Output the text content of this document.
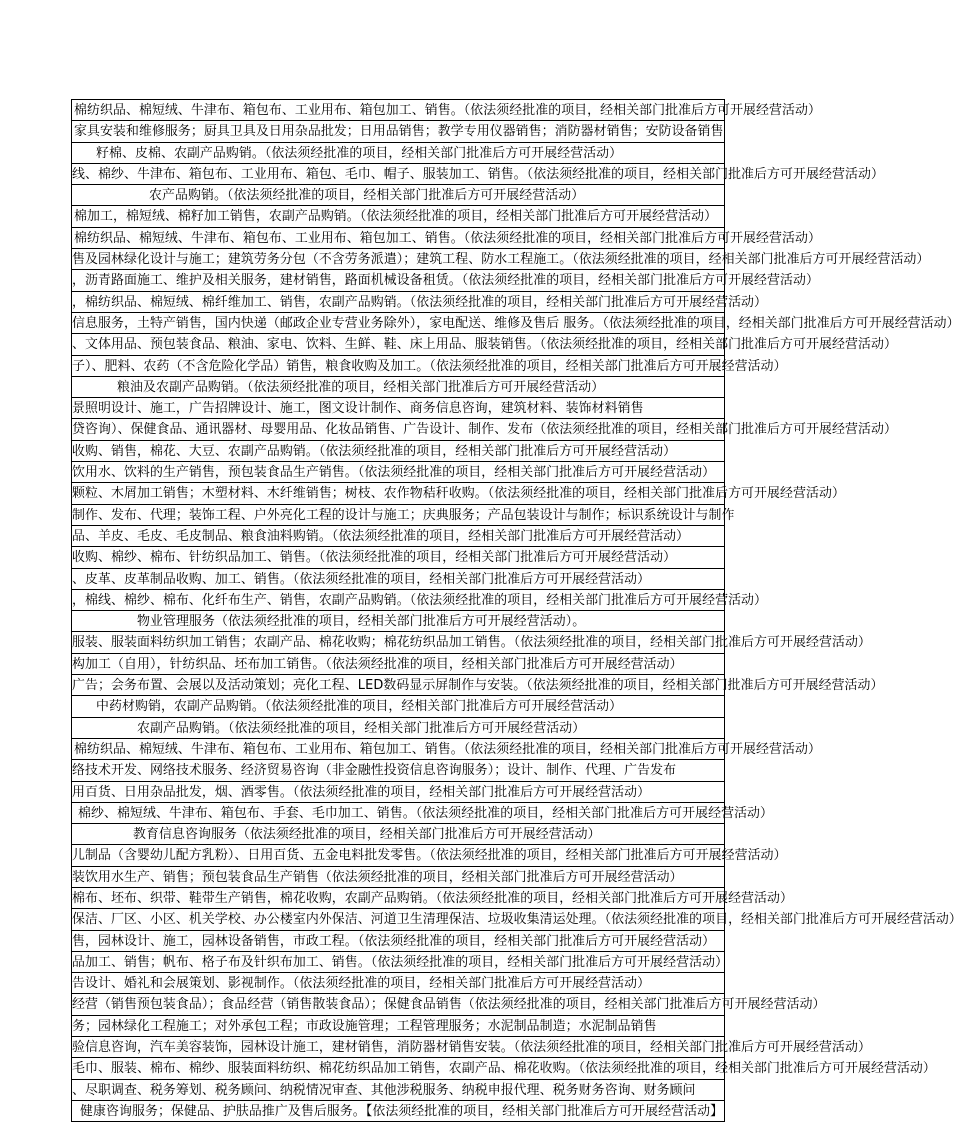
棉纺织品、棉短绒、牛津布、箱包布、工业用布、箱包加工、销售。（依法须经批准的项目，经相关部门批准后方可开展经营活动）
家具安装和维修服务；厨具卫具及日用杂品批发；日用品销售；教学专用仪器销售；消防器材销售；安防设备销售
籽棉、皮棉、农副产品购销。（依法须经批准的项目，经相关部门批准后方可开展经营活动）
线、棉纱、牛津布、箱包布、工业用布、箱包、毛巾、帽子、服装加工、销售。（依法须经批准的项目，经相关部门批准后方可开展经营活动）
农产品购销。（依法须经批准的项目，经相关部门批准后方可开展经营活动）
棉加工，棉短绒、棉籽加工销售，农副产品购销。（依法须经批准的项目，经相关部门批准后方可开展经营活动）
棉纺织品、棉短绒、牛津布、箱包布、工业用布、箱包加工、销售。（依法须经批准的项目，经相关部门批准后方可开展经营活动）
售及园林绿化设计与施工；建筑劳务分包（不含劳务派遣）；建筑工程、防水工程施工。（依法须经批准的项目，经相关部门批准后方可开展经营活动）
，沥青路面施工、维护及相关服务，建材销售，路面机械设备租赁。（依法须经批准的项目，经相关部门批准后方可开展经营活动）
，棉纺织品、棉短绒、棉纤维加工、销售，农副产品购销。（依法须经批准的项目，经相关部门批准后方可开展经营活动）
信息服务，土特产销售，国内快递（邮政企业专营业务除外），家电配送、维修及售后 服务。（依法须经批准的项目，经相关部门批准后方可开展经营活动）
、文体用品、预包装食品、粮油、家电、饮料、生鲜、鞋、床上用品、服装销售。（依法须经批准的项目，经相关部门批准后方可开展经营活动）
子）、肥料、农药（不含危险化学品）销售，粮食收购及加工。（依法须经批准的项目，经相关部门批准后方可开展经营活动）
粮油及农副产品购销。（依法须经批准的项目，经相关部门批准后方可开展经营活动）
景照明设计、施工，广告招牌设计、施工，图文设计制作、商务信息咨询，建筑材料、装饰材料销售
贷咨询）、保健食品、通讯器材、母婴用品、化妆品销售、广告设计、制作、发布（依法须经批准的项目，经相关部门批准后方可开展经营活动）
收购、销售，棉花、大豆、农副产品购销。（依法须经批准的项目，经相关部门批准后方可开展经营活动）
饮用水、饮料的生产销售，预包装食品生产销售。（依法须经批准的项目，经相关部门批准后方可开展经营活动）
颗粒、木屑加工销售；木塑材料、木纤维销售；树枝、农作物秸秆收购。（依法须经批准的项目，经相关部门批准后方可开展经营活动）
制作、发布、代理；装饰工程、户外亮化工程的设计与施工；庆典服务；产品包装设计与制作；标识系统设计与制作
品、羊皮、毛皮、毛皮制品、粮食油料购销。（依法须经批准的项目，经相关部门批准后方可开展经营活动）
收购、棉纱、棉布、针纺织品加工、销售。（依法须经批准的项目，经相关部门批准后方可开展经营活动）
、皮革、皮革制品收购、加工、销售。（依法须经批准的项目，经相关部门批准后方可开展经营活动）
，棉线、棉纱、棉布、化纤布生产、销售，农副产品购销。（依法须经批准的项目，经相关部门批准后方可开展经营活动）
物业管理服务（依法须经批准的项目，经相关部门批准后方可开展经营活动）。
服装、服装面料纺织加工销售；农副产品、棉花收购；棉花纺织品加工销售。（依法须经批准的项目，经相关部门批准后方可开展经营活动）
构加工（自用），针纺织品、坯布加工销售。（依法须经批准的项目，经相关部门批准后方可开展经营活动）
广告；会务布置、会展以及活动策划；亮化工程、LED数码显示屏制作与安装。（依法须经批准的项目，经相关部门批准后方可开展经营活动）
中药材购销，农副产品购销。（依法须经批准的项目，经相关部门批准后方可开展经营活动）
农副产品购销。（依法须经批准的项目，经相关部门批准后方可开展经营活动）
棉纺织品、棉短绒、牛津布、箱包布、工业用布、箱包加工、销售。（依法须经批准的项目，经相关部门批准后方可开展经营活动）
络技术开发、网络技术服务、经济贸易咨询（非金融性投资信息咨询服务）；设计、制作、代理、广告发布
用百货、日用杂品批发，烟、酒零售。（依法须经批准的项目，经相关部门批准后方可开展经营活动）
棉纱、棉短绒、牛津布、箱包布、手套、毛巾加工、销售。（依法须经批准的项目，经相关部门批准后方可开展经营活动）
教育信息咨询服务（依法须经批准的项目，经相关部门批准后方可开展经营活动）
儿制品（含婴幼儿配方乳粉）、日用百货、五金电料批发零售。（依法须经批准的项目，经相关部门批准后方可开展经营活动）
装饮用水生产、销售；预包装食品生产销售（依法须经批准的项目，经相关部门批准后方可开展经营活动）
棉布、坯布、织带、鞋带生产销售，棉花收购，农副产品购销。（依法须经批准的项目，经相关部门批准后方可开展经营活动）
保洁、厂区、小区、机关学校、办公楼室内外保洁、河道卫生清理保洁、垃圾收集清运处理。（依法须经批准的项目，经相关部门批准后方可开展经营活动）
售，园林设计、施工，园林设备销售，市政工程。（依法须经批准的项目，经相关部门批准后方可开展经营活动）
品加工、销售；帆布、格子布及针织布加工、销售。（依法须经批准的项目，经相关部门批准后方可开展经营活动）
告设计、婚礼和会展策划、影视制作。（依法须经批准的项目，经相关部门批准后方可开展经营活动）
经营（销售预包装食品）；食品经营（销售散装食品）；保健食品销售（依法须经批准的项目，经相关部门批准后方可开展经营活动）
务；园林绿化工程施工；对外承包工程；市政设施管理；工程管理服务；水泥制品制造；水泥制品销售
验信息咨询，汽车美容装饰，园林设计施工，建材销售，消防器材销售安装。（依法须经批准的项目，经相关部门批准后方可开展经营活动）
毛巾、服装、棉布、棉纱、服装面料纺织、棉花纺织品加工销售，农副产品、棉花收购。（依法须经批准的项目，经相关部门批准后方可开展经营活动）
、尽职调查、税务筹划、税务顾问、纳税情况审查、其他涉税服务、纳税申报代理、税务财务咨询、财务顾问
健康咨询服务；保健品、护肤品推广及售后服务。【依法须经批准的项目，经相关部门批准后方可开展经营活动】
